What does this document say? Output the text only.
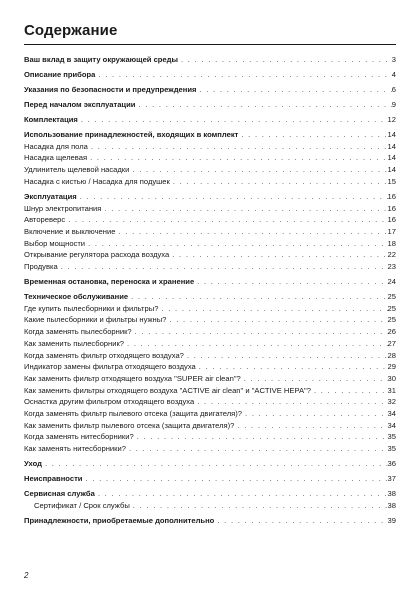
Содержание
Ваш вклад в защиту окружающей среды . . .	3
Описание прибора . . .	4
Указания по безопасности и предупреждения . . .	6
Перед началом эксплуатации . . .	9
Комплектация . . .	12
Использование принадлежностей, входящих в комплект . . .	14
Насадка для пола . . .	14
Насадка щелевая . . .	14
Удлинитель щелевой насадки . . .	14
Насадка с кистью / Насадка для подушек . . .	15
Эксплуатация . . .	16
Шнур электропитания . . .	16
Автореверс . . .	16
Включение и выключение . . .	17
Выбор мощности . . .	18
Открывание регулятора расхода воздуха . . .	22
Продувка . . .	23
Временная остановка, переноска и хранение . . .	24
Техническое обслуживание . . .	25
Где купить пылесборники и фильтры? . . .	25
Какие пылесборники и фильтры нужны? . . .	25
Когда заменять пылесборник? . . .	26
Как заменить пылесборник? . . .	27
Когда заменять фильтр отходящего воздуха? . . .	28
Индикатор замены фильтра отходящего воздуха . . .	29
Как заменить фильтр отходящего воздуха "SUPER air clean"? . . .	30
Как заменить фильтры отходящего воздуха "ACTIVE air clean" и "ACTIVE HEPA"? . . .	31
Оснастка другим фильтром отходящего воздуха . . .	32
Когда заменять фильтр пылевого отсека (защита двигателя)? . . .	34
Как заменить фильтр пылевого отсека (защита двигателя)? . . .	34
Когда заменять нитесборники? . . .	35
Как заменять нитесборники? . . .	35
Уход . . .	36
Неисправности . . .	37
Сервисная служба . . .	38
Сертификат / Срок службы . . .	38
Принадлежности, приобретаемые дополнительно . . .	39
2
